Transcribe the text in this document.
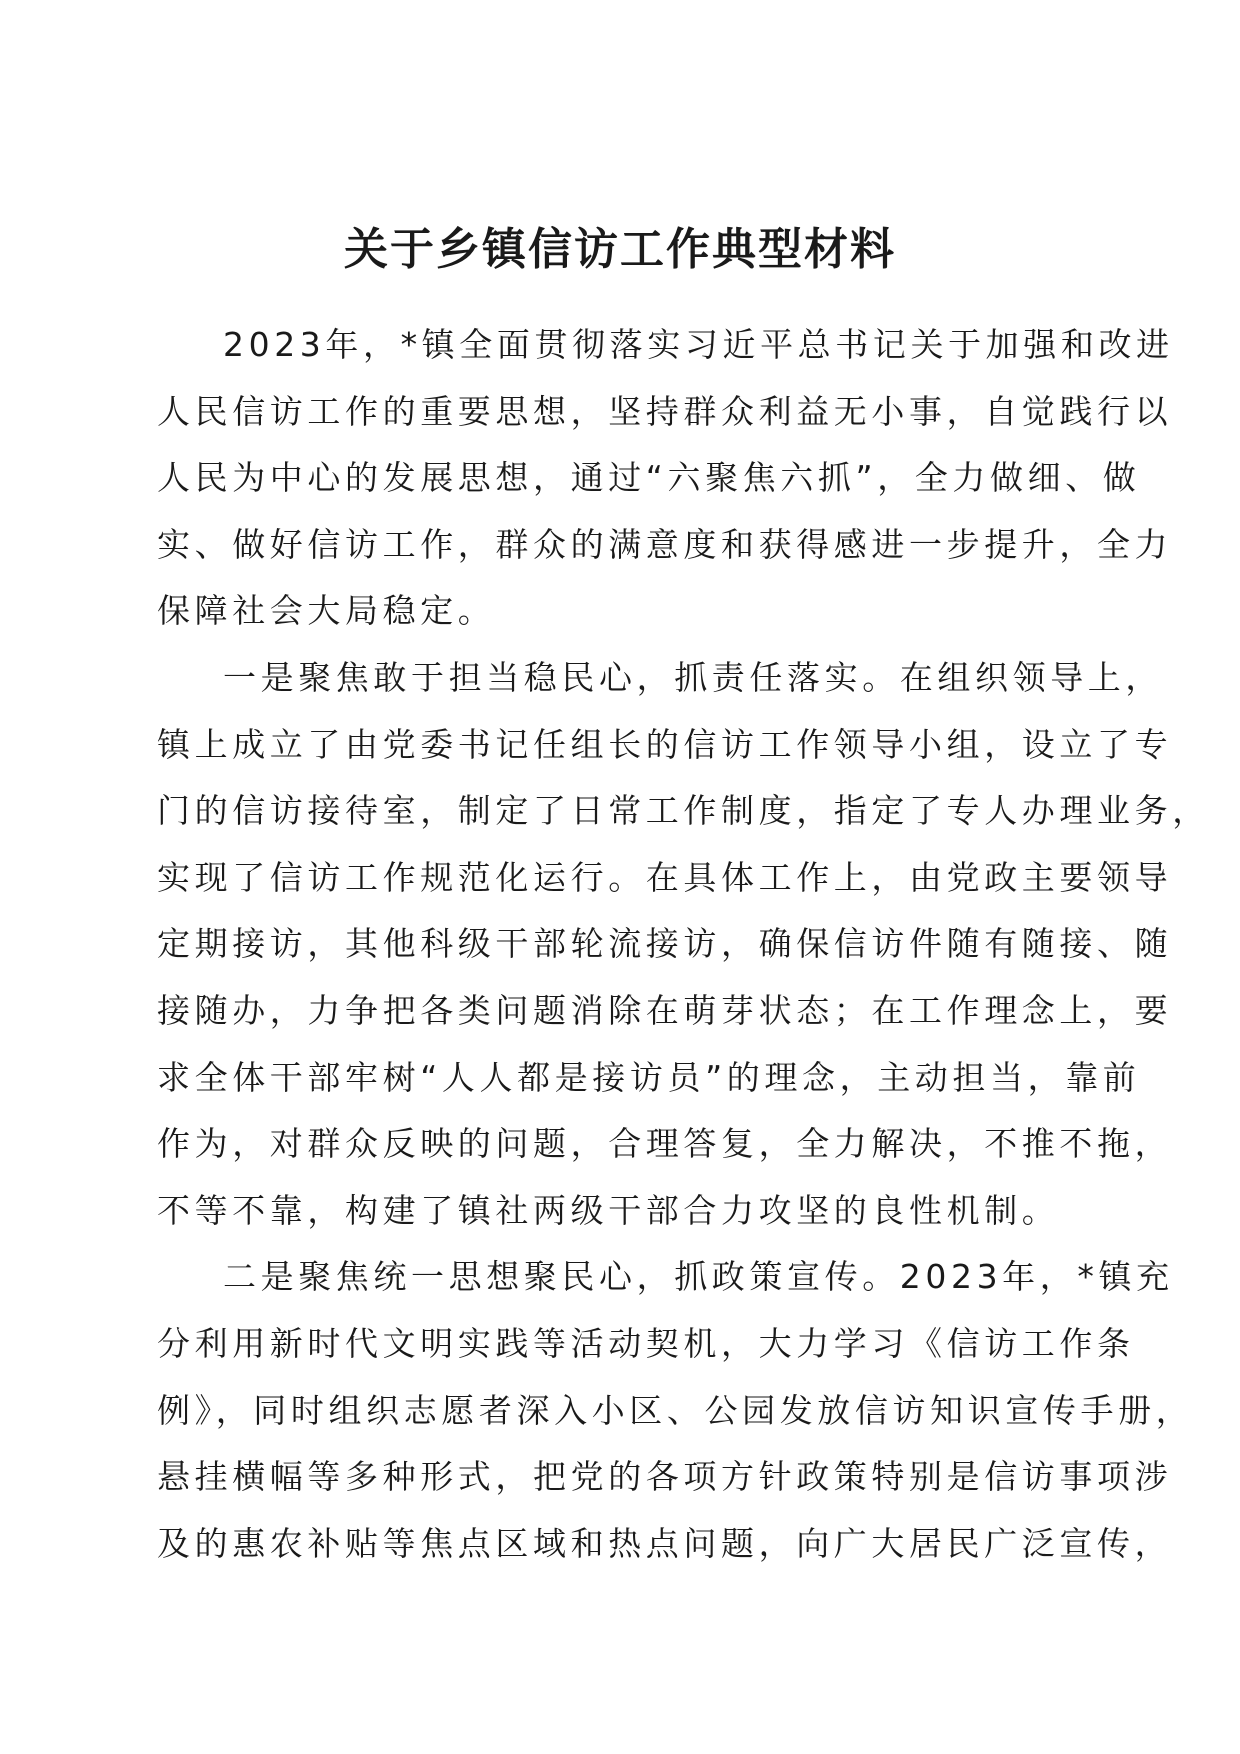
关于乡镇信访工作典型材料

2023年，*镇全面贯彻落实习近平总书记关于加强和改进
人民信访工作的重要思想，坚持群众利益无小事，自觉践行以
人民为中心的发展思想，通过“六聚焦六抓”，全力做细、做
实、做好信访工作，群众的满意度和获得感进一步提升，全力
保障社会大局稳定。

一是聚焦敢于担当稳民心，抓责任落实。在组织领导上，
镇上成立了由党委书记任组长的信访工作领导小组，设立了专
门的信访接待室，制定了日常工作制度，指定了专人办理业务，
实现了信访工作规范化运行。在具体工作上，由党政主要领导
定期接访，其他科级干部轮流接访，确保信访件随有随接、随
接随办，力争把各类问题消除在萌芽状态；在工作理念上，要
求全体干部牢树“人人都是接访员”的理念，主动担当，靠前
作为，对群众反映的问题，合理答复，全力解决，不推不拖，
不等不靠，构建了镇社两级干部合力攻坚的良性机制。

二是聚焦统一思想聚民心，抓政策宣传。2023年，*镇充
分利用新时代文明实践等活动契机，大力学习《信访工作条
例》，同时组织志愿者深入小区、公园发放信访知识宣传手册，
悬挂横幅等多种形式，把党的各项方针政策特别是信访事项涉
及的惠农补贴等焦点区域和热点问题，向广大居民广泛宣传，
